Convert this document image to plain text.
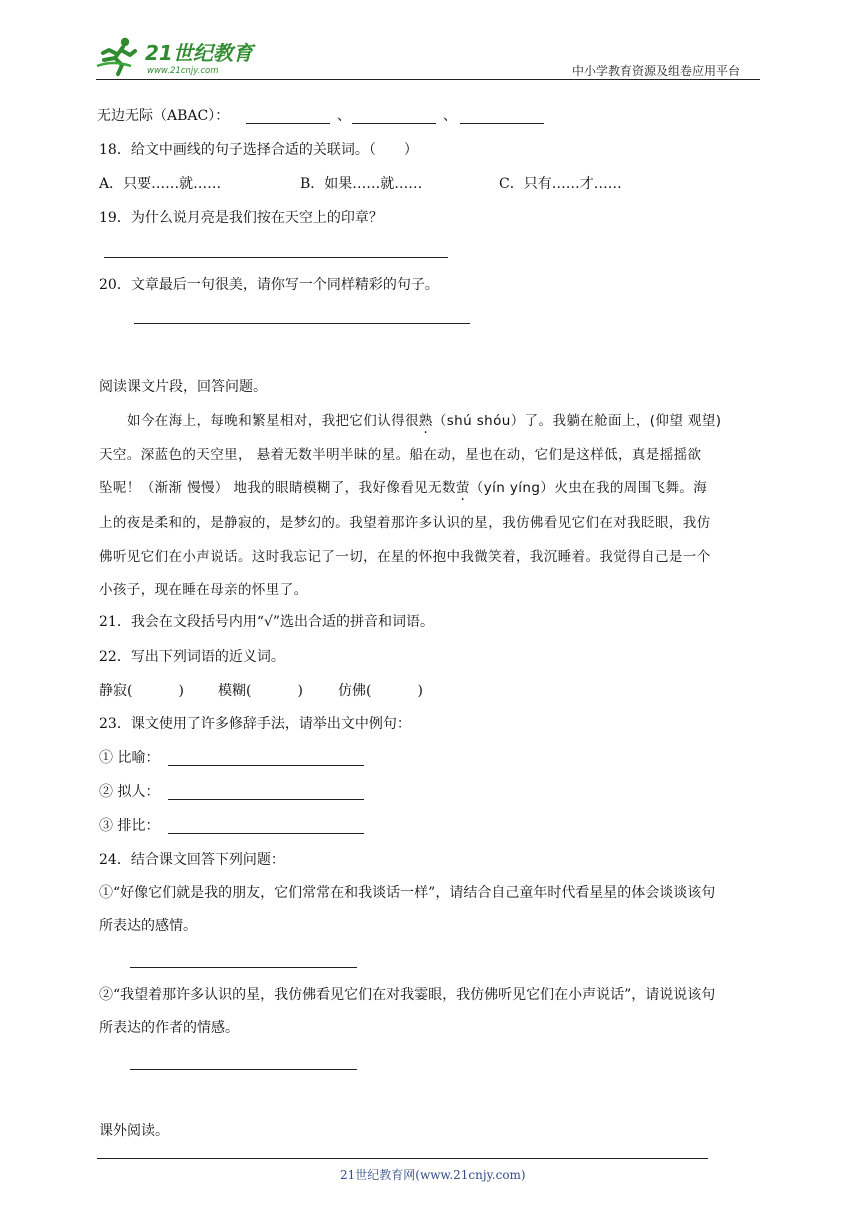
21世纪教育
www.21cnjy.com	中小学教育资源及组卷应用平台
无边无际（ABAC）：	、	、
18．给文中画线的句子选择合适的关联词。（　　）
A．只要……就……	B．如果……就……	C．只有……才……
19．为什么说月亮是我们按在天空上的印章？
20．文章最后一句很美，请你写一个同样精彩的句子。
阅读课文片段，回答问题。
如今在海上，每晚和繁星相对，我把它们认得很熟（shú shóu）了。我躺在舱面上，(仰望 观望)
天空。深蓝色的天空里， 悬着无数半明半昧的星。船在动，星也在动，它们是这样低，真是摇摇欲
坠呢！（渐渐 慢慢） 地我的眼睛模糊了，我好像看见无数萤（yín yíng）火虫在我的周围飞舞。海
上的夜是柔和的，是静寂的，是梦幻的。我望着那许多认识的星，我仿佛看见它们在对我眨眼，我仿
佛听见它们在小声说话。这时我忘记了一切，在星的怀抱中我微笑着，我沉睡着。我觉得自己是一个
小孩子，现在睡在母亲的怀里了。
21．我会在文段括号内用“√”选出合适的拼音和词语。
22．写出下列词语的近义词。
静寂(	) 模糊(	)	仿佛(	)
23．课文使用了许多修辞手法，请举出文中例句：
① 比喻：
② 拟人：
③ 排比：
24．结合课文回答下列问题：
①“好像它们就是我的朋友，它们常常在和我谈话一样”，请结合自己童年时代看星星的体会谈谈该句
所表达的感情。
②“我望着那许多认识的星，我仿佛看见它们在对我霎眼，我仿佛听见它们在小声说话”，请说说该句
所表达的作者的情感。
课外阅读。
21世纪教育网(www.21cnjy.com)
